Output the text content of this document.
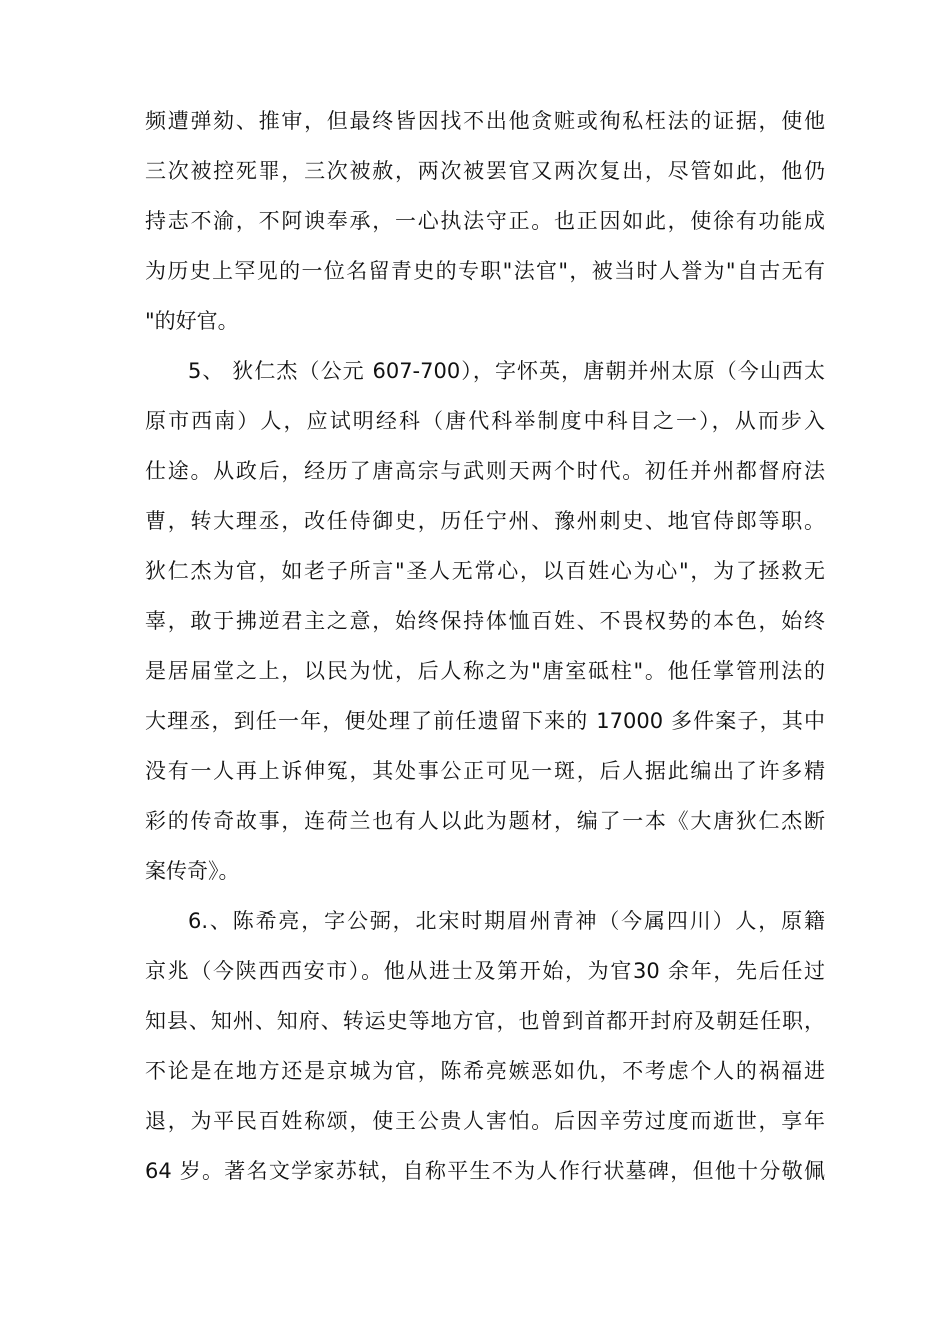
频遭弹劾、推审，但最终皆因找不出他贪赃或徇私枉法的证据，使他
三次被控死罪，三次被赦，两次被罢官又两次复出，尽管如此，他仍
持志不渝，不阿谀奉承，一心执法守正。也正因如此，使徐有功能成
为历史上罕见的一位名留青史的专职"法官"，被当时人誉为"自古无有
"的好官。
5、 狄仁杰（公元 607-700），字怀英，唐朝并州太原（今山西太
原市西南）人，应试明经科（唐代科举制度中科目之一），从而步入
仕途。从政后，经历了唐高宗与武则天两个时代。初任并州都督府法
曹，转大理丞，改任侍御史，历任宁州、豫州刺史、地官侍郎等职。
狄仁杰为官，如老子所言"圣人无常心，以百姓心为心"，为了拯救无
辜，敢于拂逆君主之意，始终保持体恤百姓、不畏权势的本色，始终
是居届堂之上，以民为忧，后人称之为"唐室砥柱"。他任掌管刑法的
大理丞，到任一年，便处理了前任遗留下来的 17000 多件案子，其中
没有一人再上诉伸冤，其处事公正可见一斑，后人据此编出了许多精
彩的传奇故事，连荷兰也有人以此为题材，编了一本《大唐狄仁杰断
案传奇》。
6.、陈希亮，字公弼，北宋时期眉州青神（今属四川）人，原籍
京兆（今陕西西安市）。他从进士及第开始，为官30 余年，先后任过
知县、知州、知府、转运史等地方官，也曾到首都开封府及朝廷任职，
不论是在地方还是京城为官，陈希亮嫉恶如仇，不考虑个人的祸福进
退，为平民百姓称颂，使王公贵人害怕。后因辛劳过度而逝世，享年
64 岁。著名文学家苏轼，自称平生不为人作行状墓碑，但他十分敬佩
